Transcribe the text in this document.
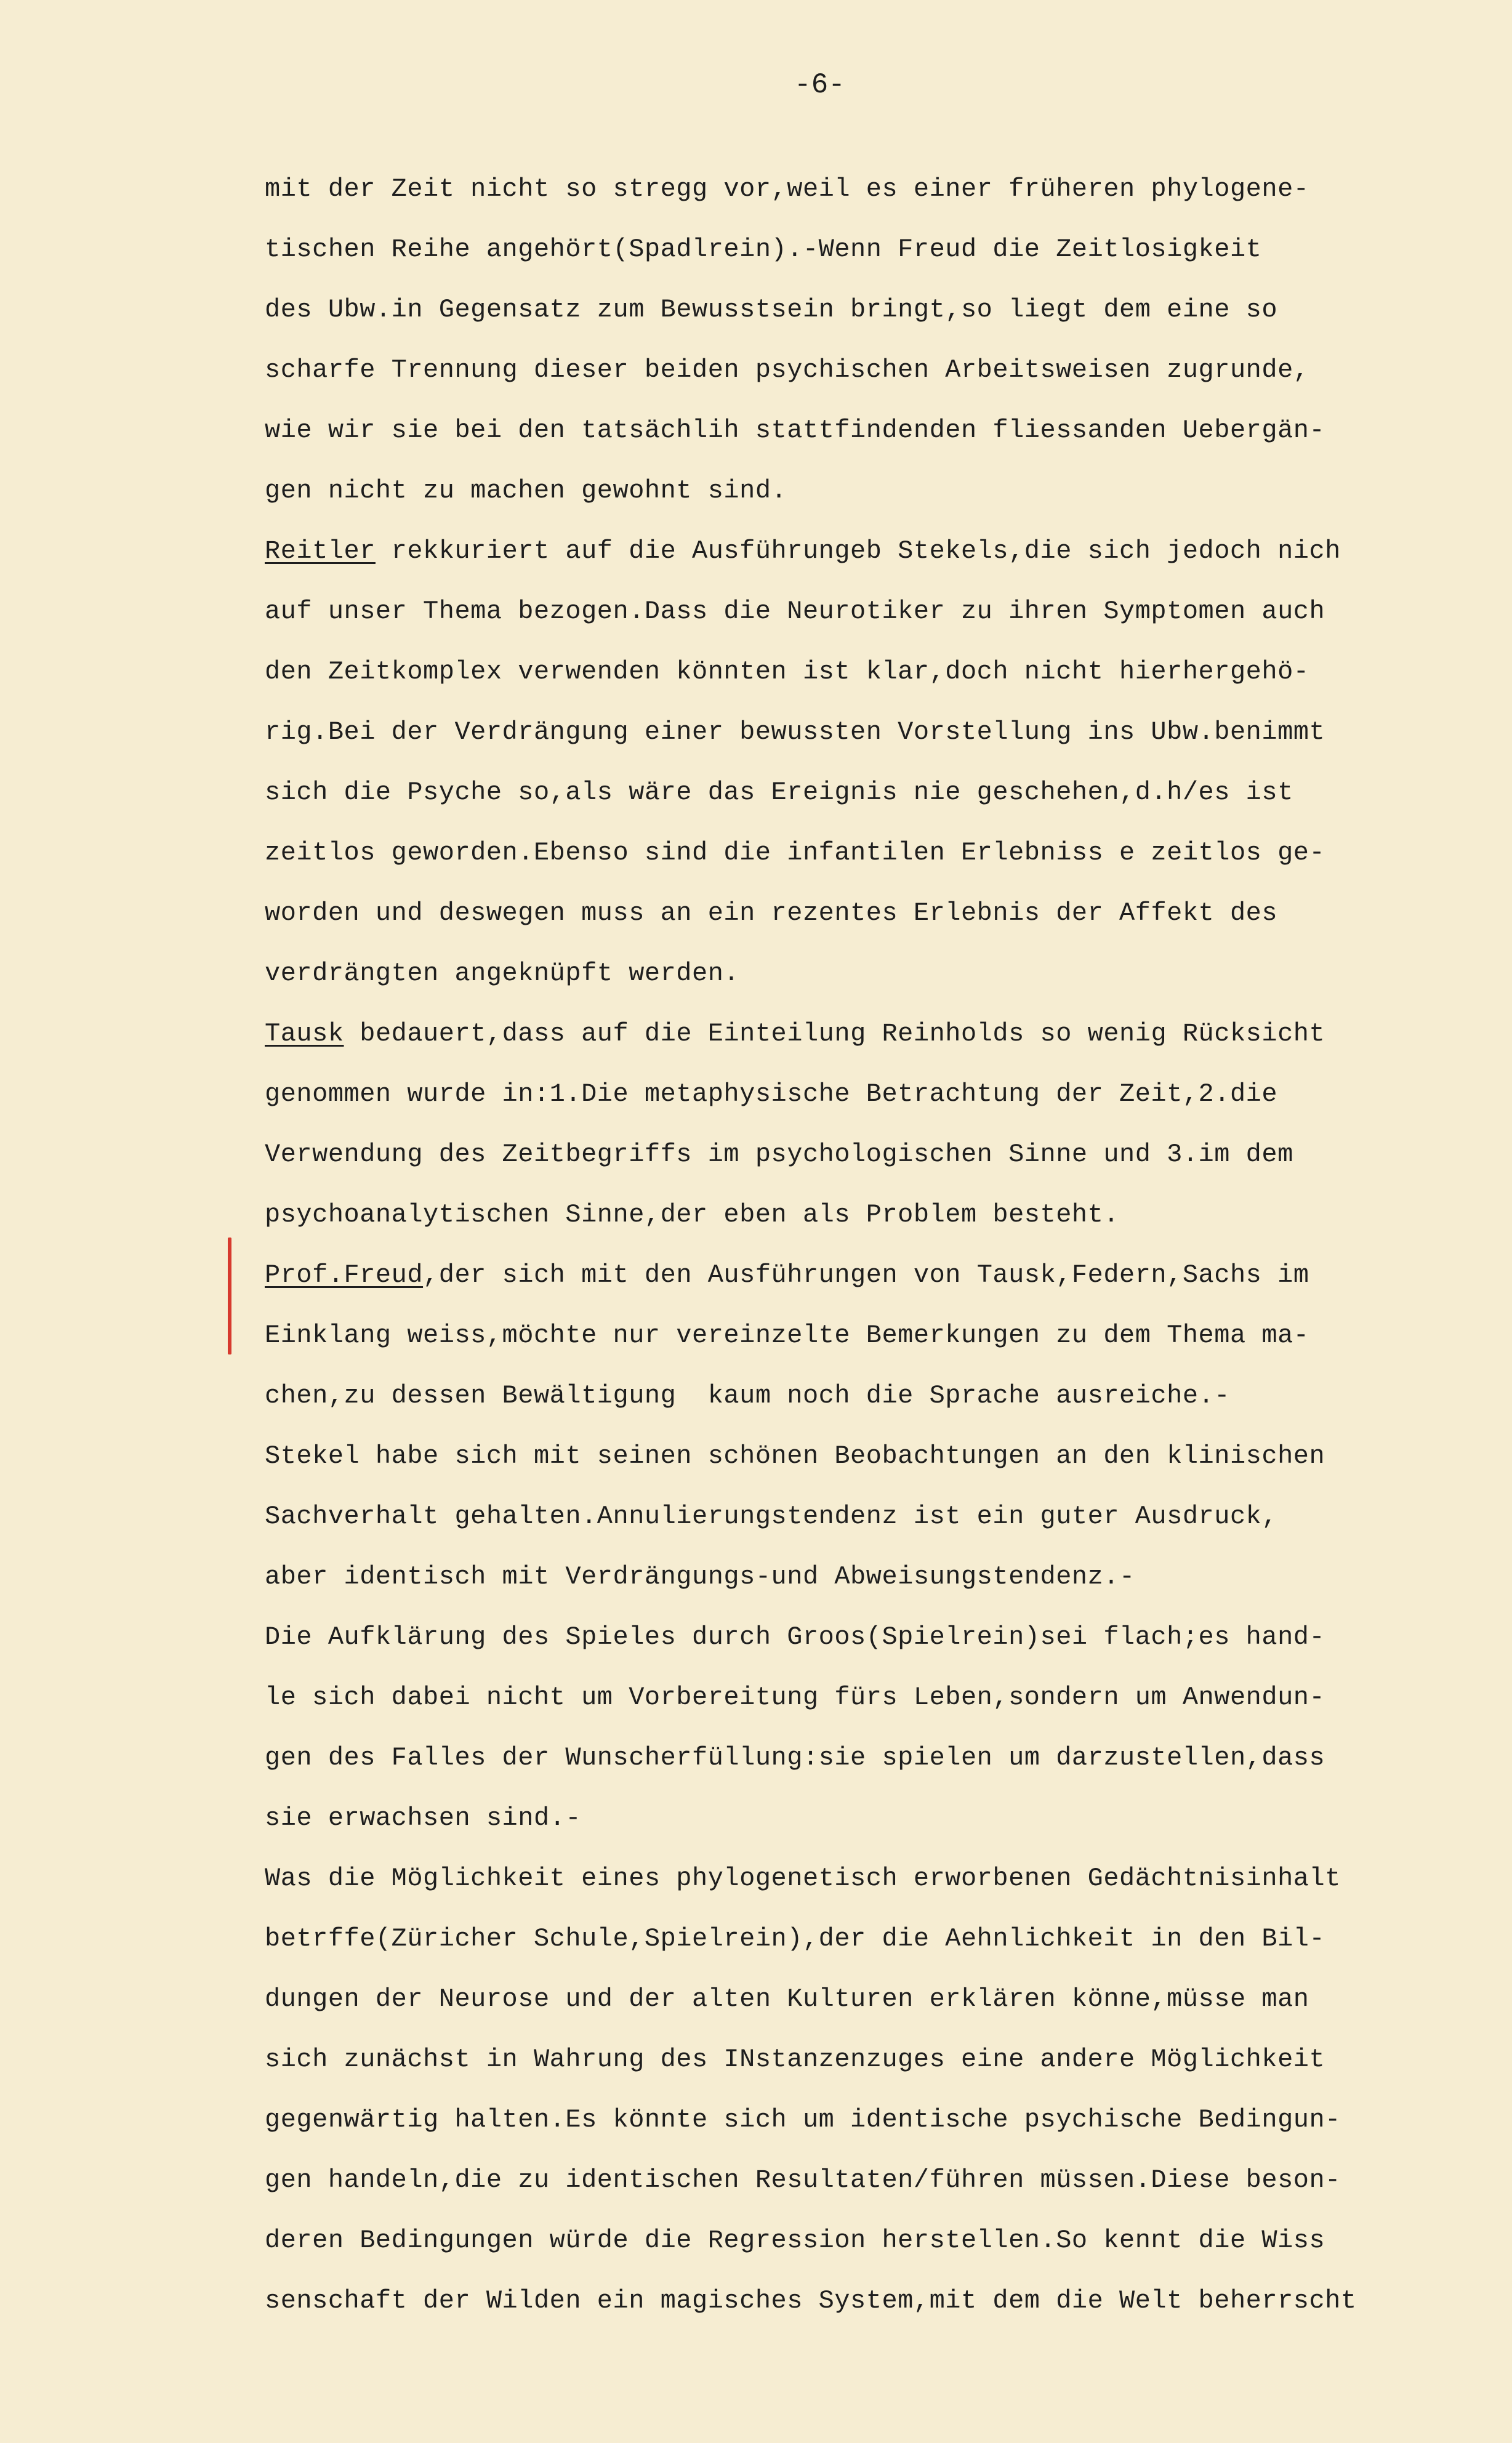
-6-
mit der Zeit nicht so stregg vor,weil es einer früheren phylogene-
tischen Reihe angehört(Spadlrein).-Wenn Freud die Zeitlosigkeit
des Ubw.in Gegensatz zum Bewusstsein bringt,so liegt dem eine so
scharfe Trennung dieser beiden psychischen Arbeitsweisen zugrunde,
wie wir sie bei den tatsächlih stattfindenden fliessanden Uebergän-
gen nicht zu machen gewohnt sind.
Reitler rekkuriert auf die Ausführungeb Stekels,die sich jedoch nich
auf unser Thema bezogen.Dass die Neurotiker zu ihren Symptomen auch
den Zeitkomplex verwenden könnten ist klar,doch nicht hierhergehö-
rig.Bei der Verdrängung einer bewussten Vorstellung ins Ubw.benimmt
sich die Psyche so,als wäre das Ereignis nie geschehen,d.h/es ist
zeitlos geworden.Ebenso sind die infantilen Erlebniss e zeitlos ge-
worden und deswegen muss an ein rezentes Erlebnis der Affekt des
verdrängten angeknüpft werden.
Tausk bedauert,dass auf die Einteilung Reinholds so wenig Rücksicht
genommen wurde in:1.Die metaphysische Betrachtung der Zeit,2.die
Verwendung des Zeitbegriffs im psychologischen Sinne und 3.im dem
psychoanalytischen Sinne,der eben als Problem besteht.
Prof.Freud,der sich mit den Ausführungen von Tausk,Federn,Sachs im
Einklang weiss,möchte nur vereinzelte Bemerkungen zu dem Thema ma-
chen,zu dessen Bewältigung  kaum noch die Sprache ausreiche.-
Stekel habe sich mit seinen schönen Beobachtungen an den klinischen
Sachverhalt gehalten.Annulierungstendenz ist ein guter Ausdruck,
aber identisch mit Verdrängungs-und Abweisungstendenz.-
Die Aufklärung des Spieles durch Groos(Spielrein)sei flach;es hand-
le sich dabei nicht um Vorbereitung fürs Leben,sondern um Anwendun-
gen des Falles der Wunscherfüllung:sie spielen um darzustellen,dass
sie erwachsen sind.-
Was die Möglichkeit eines phylogenetisch erworbenen Gedächtnisinhalt
betrffe(Züricher Schule,Spielrein),der die Aehnlichkeit in den Bil-
dungen der Neurose und der alten Kulturen erklären könne,müsse man
sich zunächst in Wahrung des INstanzenzuges eine andere Möglichkeit
gegenwärtig halten.Es könnte sich um identische psychische Bedingun-
gen handeln,die zu identischen Resultaten/führen müssen.Diese beson-
deren Bedingungen würde die Regression herstellen.So kennt die Wiss
senschaft der Wilden ein magisches System,mit dem die Welt beherrscht
